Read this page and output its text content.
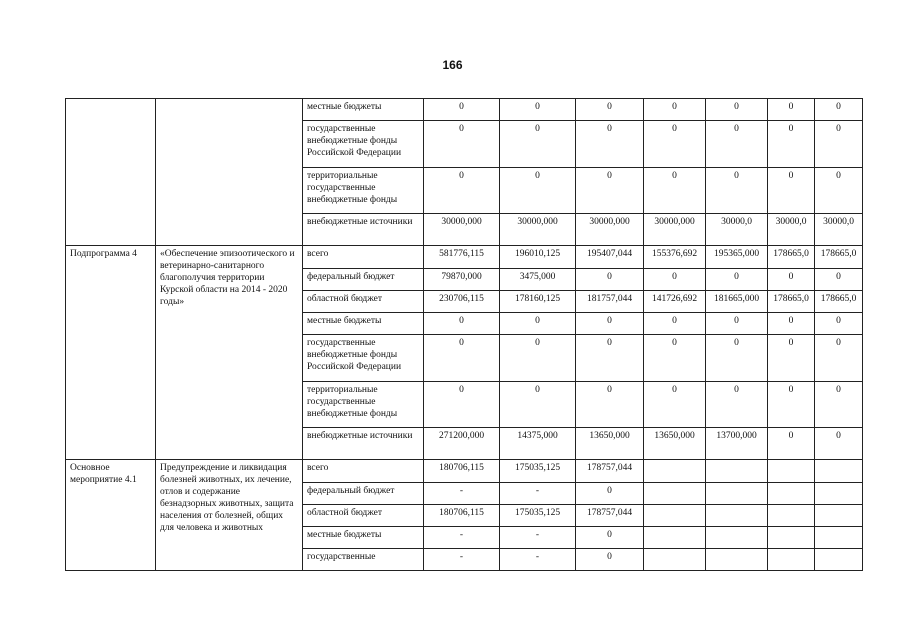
166
		местные бюджеты	0	0	0	0	0	0	0
		государственные внебюджетные фонды Российской Федерации	0	0	0	0	0	0	0
		территориальные государственные внебюджетные фонды	0	0	0	0	0	0	0
		внебюджетные источники	30000,000	30000,000	30000,000	30000,000	30000,0	30000,0	30000,0
Подпрограмма 4	«Обеспечение эпизоотического и ветеринарно-санитарного благополучия территории Курской области на 2014 - 2020 годы»	всего	581776,115	196010,125	195407,044	155376,692	195365,000	178665,0	178665,0
		федеральный бюджет	79870,000	3475,000	0	0	0	0	0
		областной бюджет	230706,115	178160,125	181757,044	141726,692	181665,000	178665,0	178665,0
		местные бюджеты	0	0	0	0	0	0	0
		государственные внебюджетные фонды Российской Федерации	0	0	0	0	0	0	0
		территориальные государственные внебюджетные фонды	0	0	0	0	0	0	0
		внебюджетные источники	271200,000	14375,000	13650,000	13650,000	13700,000	0	0
Основное мероприятие 4.1	Предупреждение и ликвидация болезней животных, их лечение, отлов и содержание безнадзорных животных, защита населения от болезней, общих для человека и животных	всего	180706,115	175035,125	178757,044				
		федеральный бюджет	-	-	0				
		областной бюджет	180706,115	175035,125	178757,044				
		местные бюджеты	-	-	0				
		государственные	-	-	0				
